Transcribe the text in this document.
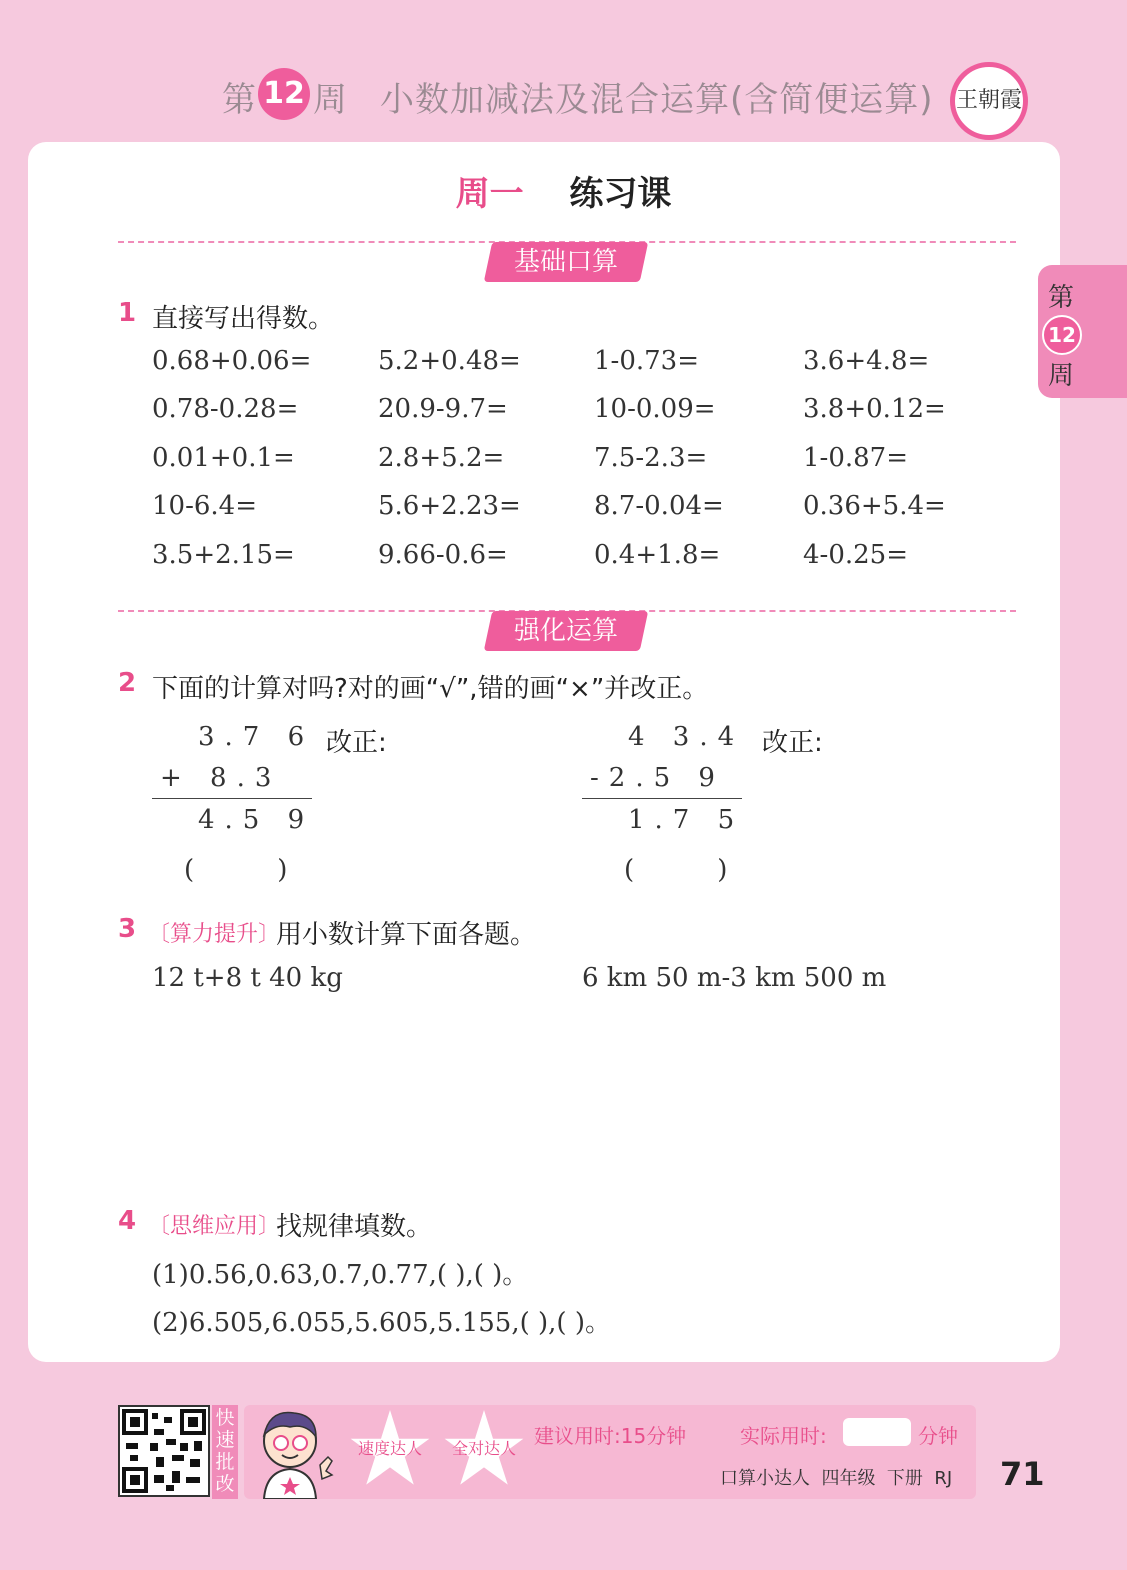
第 12 周 小数加减法及混合运算(含简便运算) 王朝霞
第
12
周
周一 练习课
基础口算
1 直接写出得数。
0.68+0.06=	5.2+0.48=	1-0.73=	3.6+4.8=
0.78-0.28=	20.9-9.7=	10-0.09=	3.8+0.12=
0.01+0.1=	2.8+5.2=	7.5-2.3=	1-0.87=
10-6.4=	5.6+2.23=	8.7-0.04=	0.36+5.4=
3.5+2.15=	9.66-0.6=	0.4+1.8=	4-0.25=
强化运算
2 下面的计算对吗?对的画“√”,错的画“×”并改正。
3.7 6 改正:
+ 8.3
4.5 9
(    )
4 3.4 改正:
-2.5 9
1.7 5
(    )
3 〔算力提升〕
用小数计算下面各题。
12 t+8 t 40 kg	6 km 50 m-3 km 500 m
4 〔思维应用〕
找规律填数。
(1)0.56,0.63,0.7,0.77,( ),( )。
(2)6.505,6.055,5.605,5.155,( ),( )。
快速批改
速度达人	全对达人
建议用时:15分钟	实际用时:	分钟
口算小达人  四年级  下册  RJ 71
